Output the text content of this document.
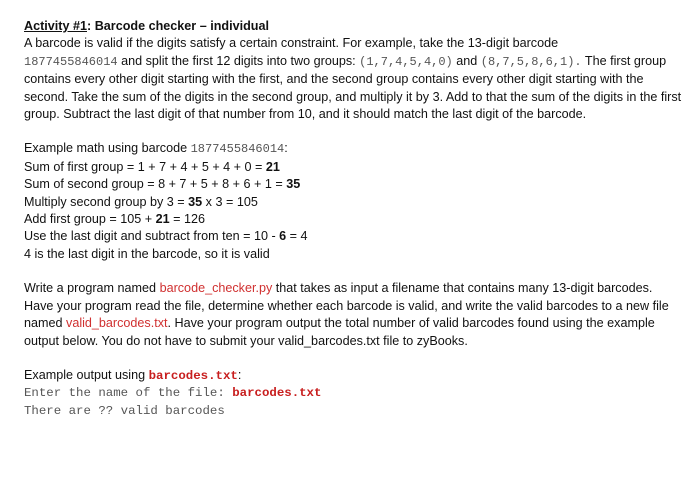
Activity #1: Barcode checker – individual

A barcode is valid if the digits satisfy a certain constraint. For example, take the 13-digit barcode
1877455846014 and split the first 12 digits into two groups: (1,7,4,5,4,0) and (8,7,5,8,6,1). The first group contains every other digit starting with the first, and the second group contains every other digit starting with the second. Take the sum of the digits in the second group, and multiply it by 3. Add to that the sum of the digits in the first group. Subtract the last digit of that number from 10, and it should match the last digit of the barcode.

Example math using barcode 1877455846014:

Sum of first group = 1 + 7 + 4 + 5 + 4 + 0 = 21

Sum of second group = 8 + 7 + 5 + 8 + 6 + 1 = 35

Multiply second group by 3 = 35 x 3 = 105

Add first group = 105 + 21 = 126

Use the last digit and subtract from ten = 10 - 6 = 4

4 is the last digit in the barcode, so it is valid

Write a program named barcode_checker.py that takes as input a filename that contains many 13-digit barcodes. Have your program read the file, determine whether each barcode is valid, and write the valid barcodes to a new file named valid_barcodes.txt. Have your program output the total number of valid barcodes found using the example output below. You do not have to submit your valid_barcodes.txt file to zyBooks.

Example output using barcodes.txt:

Enter the name of the file: barcodes.txt
There are ?? valid barcodes
